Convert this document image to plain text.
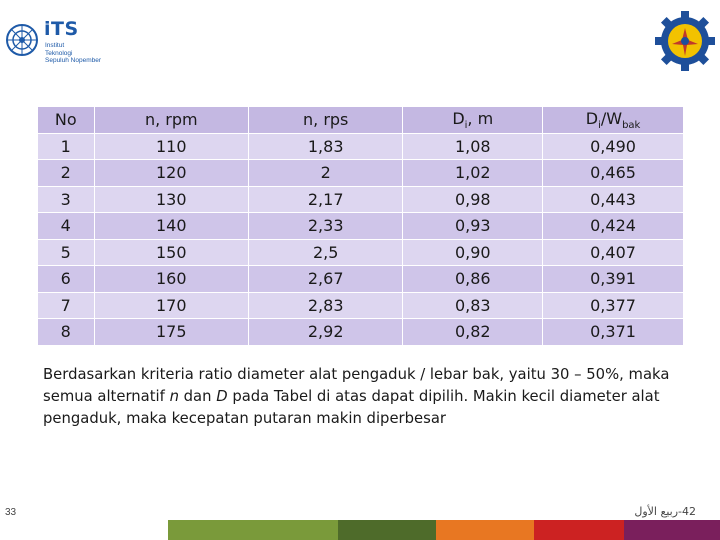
iTS
Institut
Teknologi
Sepuluh Nopember
No	n, rpm	n, rps	$D_i$, m	$D_i/W_{bak}$
1	110	1,83	1,08	0,490
2	120	2	1,02	0,465
3	130	2,17	0,98	0,443
4	140	2,33	0,93	0,424
5	150	2,5	0,90	0,407
6	160	2,67	0,86	0,391
7	170	2,83	0,83	0,377
8	175	2,92	0,82	0,371
Berdasarkan kriteria ratio diameter alat pengaduk / lebar bak, yaitu 30 – 50%, maka semua alternatif n dan D pada Tabel di atas dapat dipilih. Makin kecil diameter alat pengaduk, maka kecepatan putaran makin diperbesar
33	42-ربيع الأول
